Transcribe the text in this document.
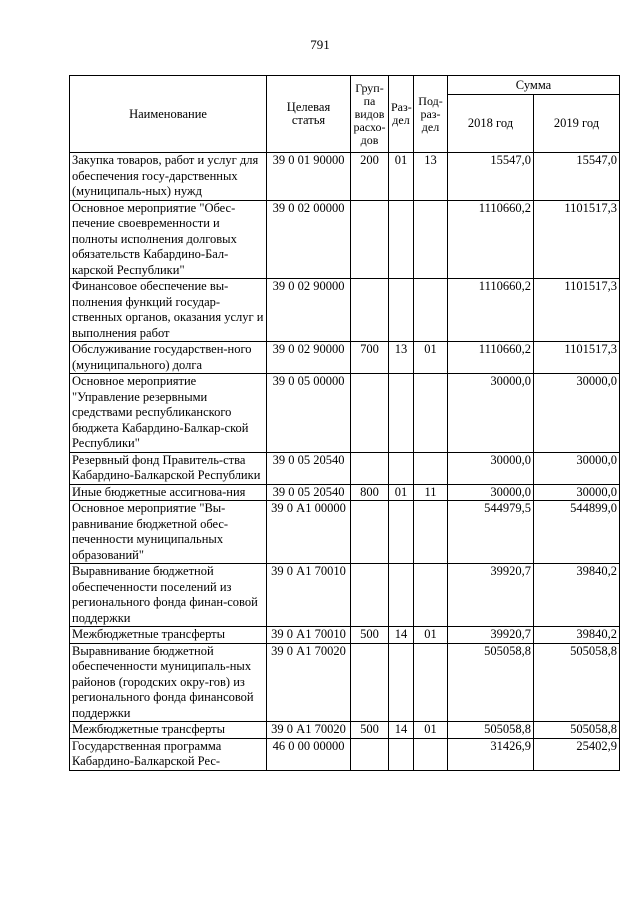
791
Наименование	Целевая статья	Груп-па видов расхо-дов	Раз-дел	Под-раз-дел	Сумма	
					2018 год	2019 год
Закупка товаров, работ и услуг для обеспечения госу-дарственных (муниципаль-ных) нужд	39 0 01 90000	200	01	13	15547,0	15547,0
Основное мероприятие "Обес-печение своевременности и полноты исполнения долговых обязательств Кабардино-Бал-карской Республики"	39 0 02 00000				1110660,2	1101517,3
Финансовое обеспечение вы-полнения функций государ-ственных органов, оказания услуг и выполнения работ	39 0 02 90000				1110660,2	1101517,3
Обслуживание государствен-ного (муниципального) долга	39 0 02 90000	700	13	01	1110660,2	1101517,3
Основное мероприятие "Управление резервными средствами республиканского бюджета Кабардино-Балкар-ской Республики"	39 0 05 00000				30000,0	30000,0
Резервный фонд Правитель-ства Кабардино-Балкарской Республики	39 0 05 20540				30000,0	30000,0
Иные бюджетные ассигнова-ния	39 0 05 20540	800	01	11	30000,0	30000,0
Основное мероприятие "Вы-равнивание бюджетной обес-печенности муниципальных образований"	39 0 А1 00000				544979,5	544899,0
Выравнивание бюджетной обеспеченности поселений из регионального фонда финан-совой поддержки	39 0 А1 70010				39920,7	39840,2
Межбюджетные трансферты	39 0 А1 70010	500	14	01	39920,7	39840,2
Выравнивание бюджетной обеспеченности муниципаль-ных районов (городских окру-гов) из регионального фонда финансовой поддержки	39 0 А1 70020				505058,8	505058,8
Межбюджетные трансферты	39 0 А1 70020	500	14	01	505058,8	505058,8
Государственная программа Кабардино-Балкарской Рес-	46 0 00 00000				31426,9	25402,9
